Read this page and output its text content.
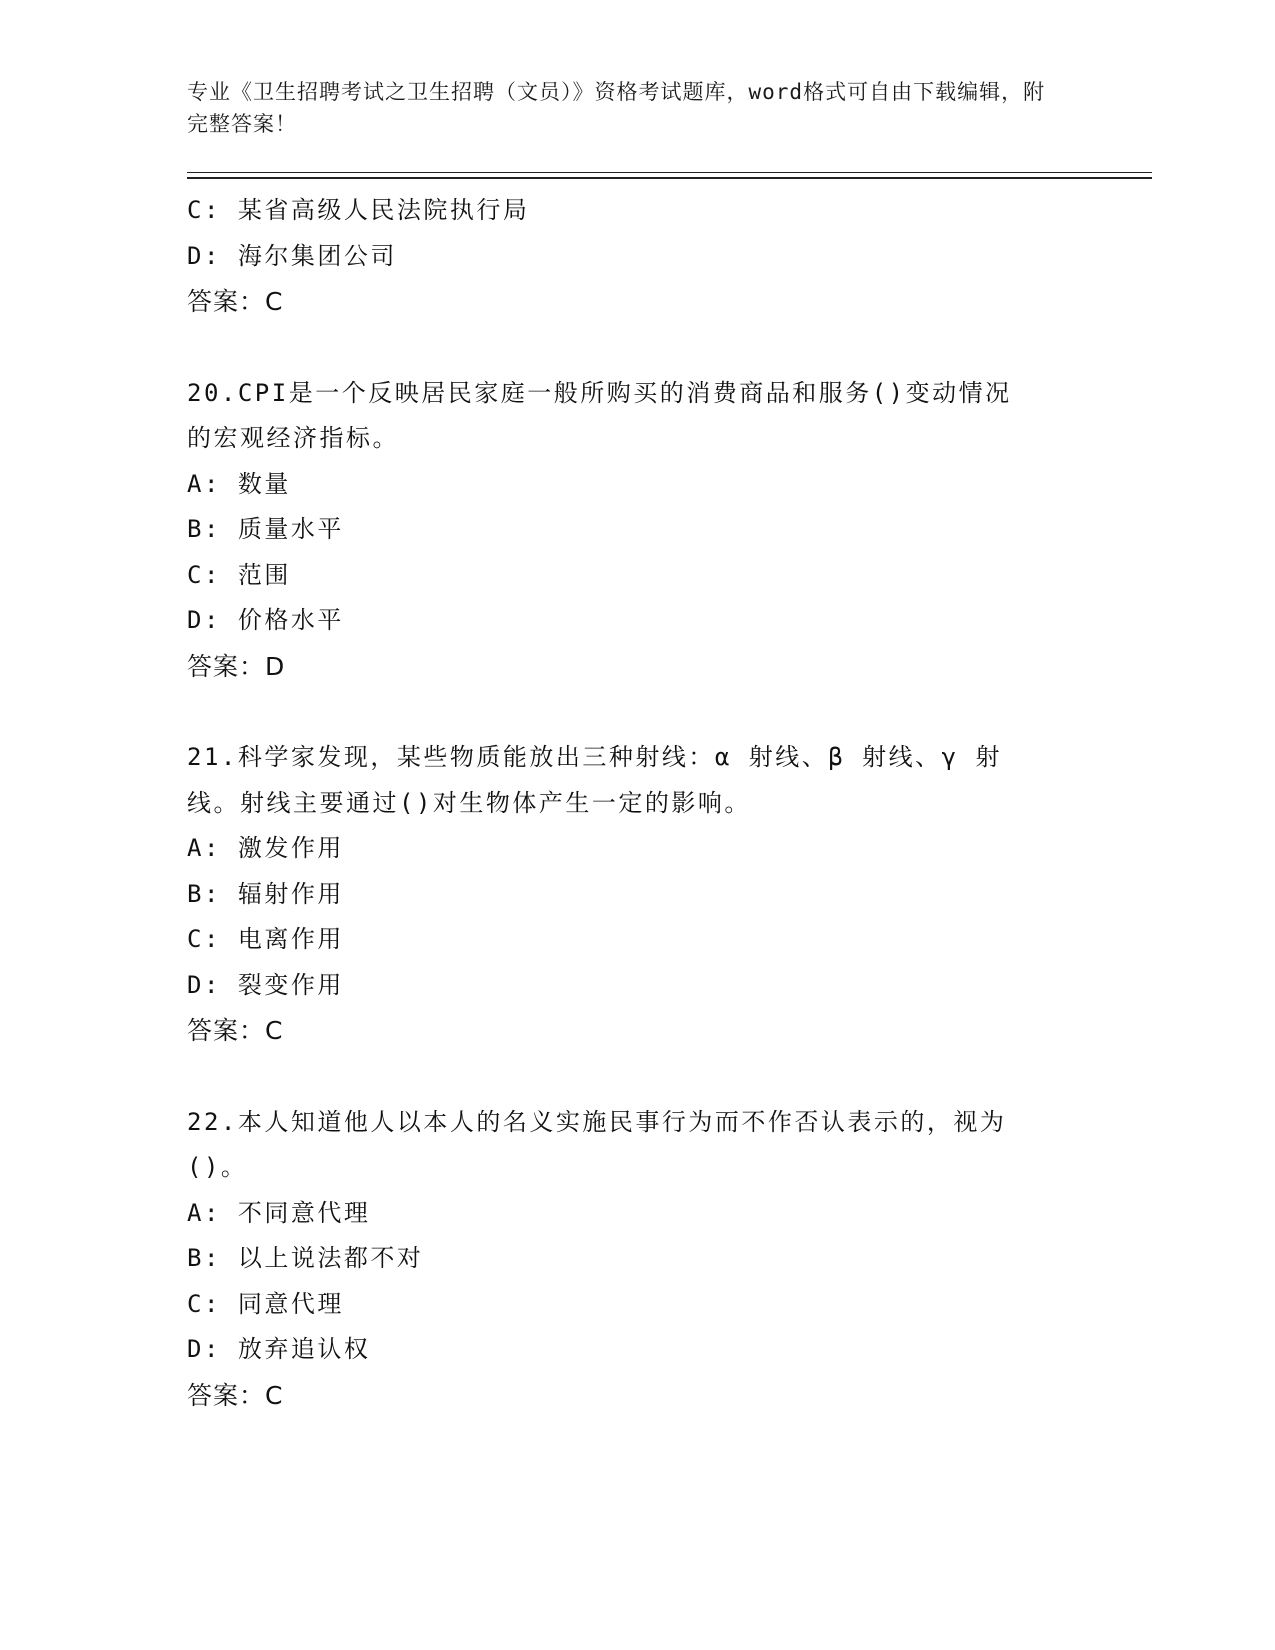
专业《卫生招聘考试之卫生招聘（文员）》资格考试题库，word格式可自由下载编辑，附完整答案！
C: 某省高级人民法院执行局
D: 海尔集团公司
答案：C
20.CPI是一个反映居民家庭一般所购买的消费商品和服务()变动情况
的宏观经济指标。
A: 数量
B: 质量水平
C: 范围
D: 价格水平
答案：D
21.科学家发现，某些物质能放出三种射线：α 射线、β 射线、γ 射
线。射线主要通过()对生物体产生一定的影响。
A: 激发作用
B: 辐射作用
C: 电离作用
D: 裂变作用
答案：C
22.本人知道他人以本人的名义实施民事行为而不作否认表示的，视为
()。
A: 不同意代理
B: 以上说法都不对
C: 同意代理
D: 放弃追认权
答案：C
